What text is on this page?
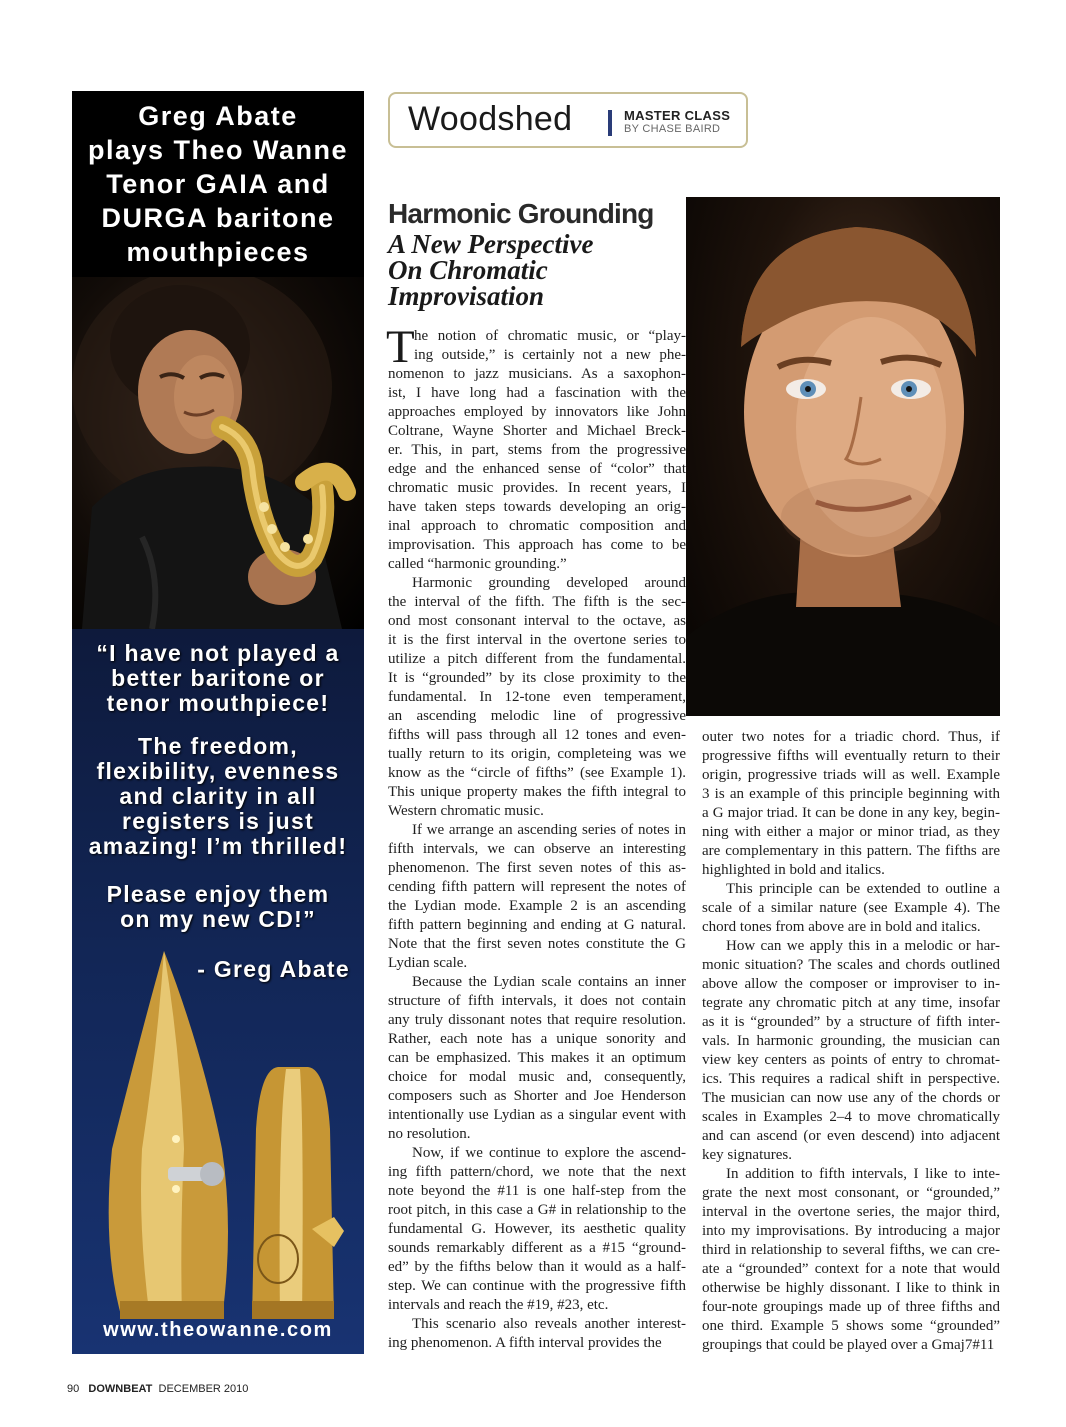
Greg Abate
plays Theo Wanne
Tenor GAIA and
DURGA baritone
mouthpieces
“I have not played a
better baritone or
tenor mouthpiece!
The freedom,
flexibility, evenness
and clarity in all
registers is just
amazing! I’m thrilled!
Please enjoy them
on my new CD!”
- Greg Abate
www.theowanne.com
Woodshed	MASTER CLASS
BY CHASE BAIRD
Harmonic Grounding
A New Perspective
On Chromatic
Improvisation
T he notion of chromatic music, or “play-
ing outside,” is certainly not a new phe-
nomenon to jazz musicians. As a saxophon-
ist, I have long had a fascination with the
approaches employed by innovators like John
Coltrane, Wayne Shorter and Michael Breck-
er. This, in part, stems from the progressive
edge and the enhanced sense of “color” that
chromatic music provides. In recent years, I
have taken steps towards developing an orig-
inal approach to chromatic composition and
improvisation. This approach has come to be
called “harmonic grounding.”
Harmonic grounding developed around
the interval of the fifth. The fifth is the sec-
ond most consonant interval to the octave, as
it is the first interval in the overtone series to
utilize a pitch different from the fundamental.
It is “grounded” by its close proximity to the
fundamental. In 12-tone even temperament,
an ascending melodic line of progressive
fifths will pass through all 12 tones and even-
tually return to its origin, completeing was we
know as the “circle of fifths” (see Example 1).
This unique property makes the fifth integral to
Western chromatic music.
If we arrange an ascending series of notes in
fifth intervals, we can observe an interesting
phenomenon. The first seven notes of this as-
cending fifth pattern will represent the notes of
the Lydian mode. Example 2 is an ascending
fifth pattern beginning and ending at G natural.
Note that the first seven notes constitute the G
Lydian scale.
Because the Lydian scale contains an inner
structure of fifth intervals, it does not contain
any truly dissonant notes that require resolution.
Rather, each note has a unique sonority and
can be emphasized. This makes it an optimum
choice for modal music and, consequently,
composers such as Shorter and Joe Henderson
intentionally use Lydian as a singular event with
no resolution.
Now, if we continue to explore the ascend-
ing fifth pattern/chord, we note that the next
note beyond the #11 is one half-step from the
root pitch, in this case a G# in relationship to the
fundamental G. However, its aesthetic quality
sounds remarkably different as a #15 “ground-
ed” by the fifths below than it would as a half-
step. We can continue with the progressive fifth
intervals and reach the #19, #23, etc.
This scenario also reveals another interest-
ing phenomenon. A fifth interval provides the
outer two notes for a triadic chord. Thus, if
progressive fifths will eventually return to their
origin, progressive triads will as well. Example
3 is an example of this principle beginning with
a G major triad. It can be done in any key, begin-
ning with either a major or minor triad, as they
are complementary in this pattern. The fifths are
highlighted in bold and italics.
This principle can be extended to outline a
scale of a similar nature (see Example 4). The
chord tones from above are in bold and italics.
How can we apply this in a melodic or har-
monic situation? The scales and chords outlined
above allow the composer or improviser to in-
tegrate any chromatic pitch at any time, insofar
as it is “grounded” by a structure of fifth inter-
vals. In harmonic grounding, the musician can
view key centers as points of entry to chromat-
ics. This requires a radical shift in perspective.
The musician can now use any of the chords or
scales in Examples 2–4 to move chromatically
and can ascend (or even descend) into adjacent
key signatures.
In addition to fifth intervals, I like to inte-
grate the next most consonant, or “grounded,”
interval in the overtone series, the major third,
into my improvisations. By introducing a major
third in relationship to several fifths, we can cre-
ate a “grounded” context for a note that would
otherwise be highly dissonant. I like to think in
four-note groupings made up of three fifths and
one third. Example 5 shows some “grounded”
groupings that could be played over a Gmaj7#11
90 DOWNBEAT DECEMBER 2010
